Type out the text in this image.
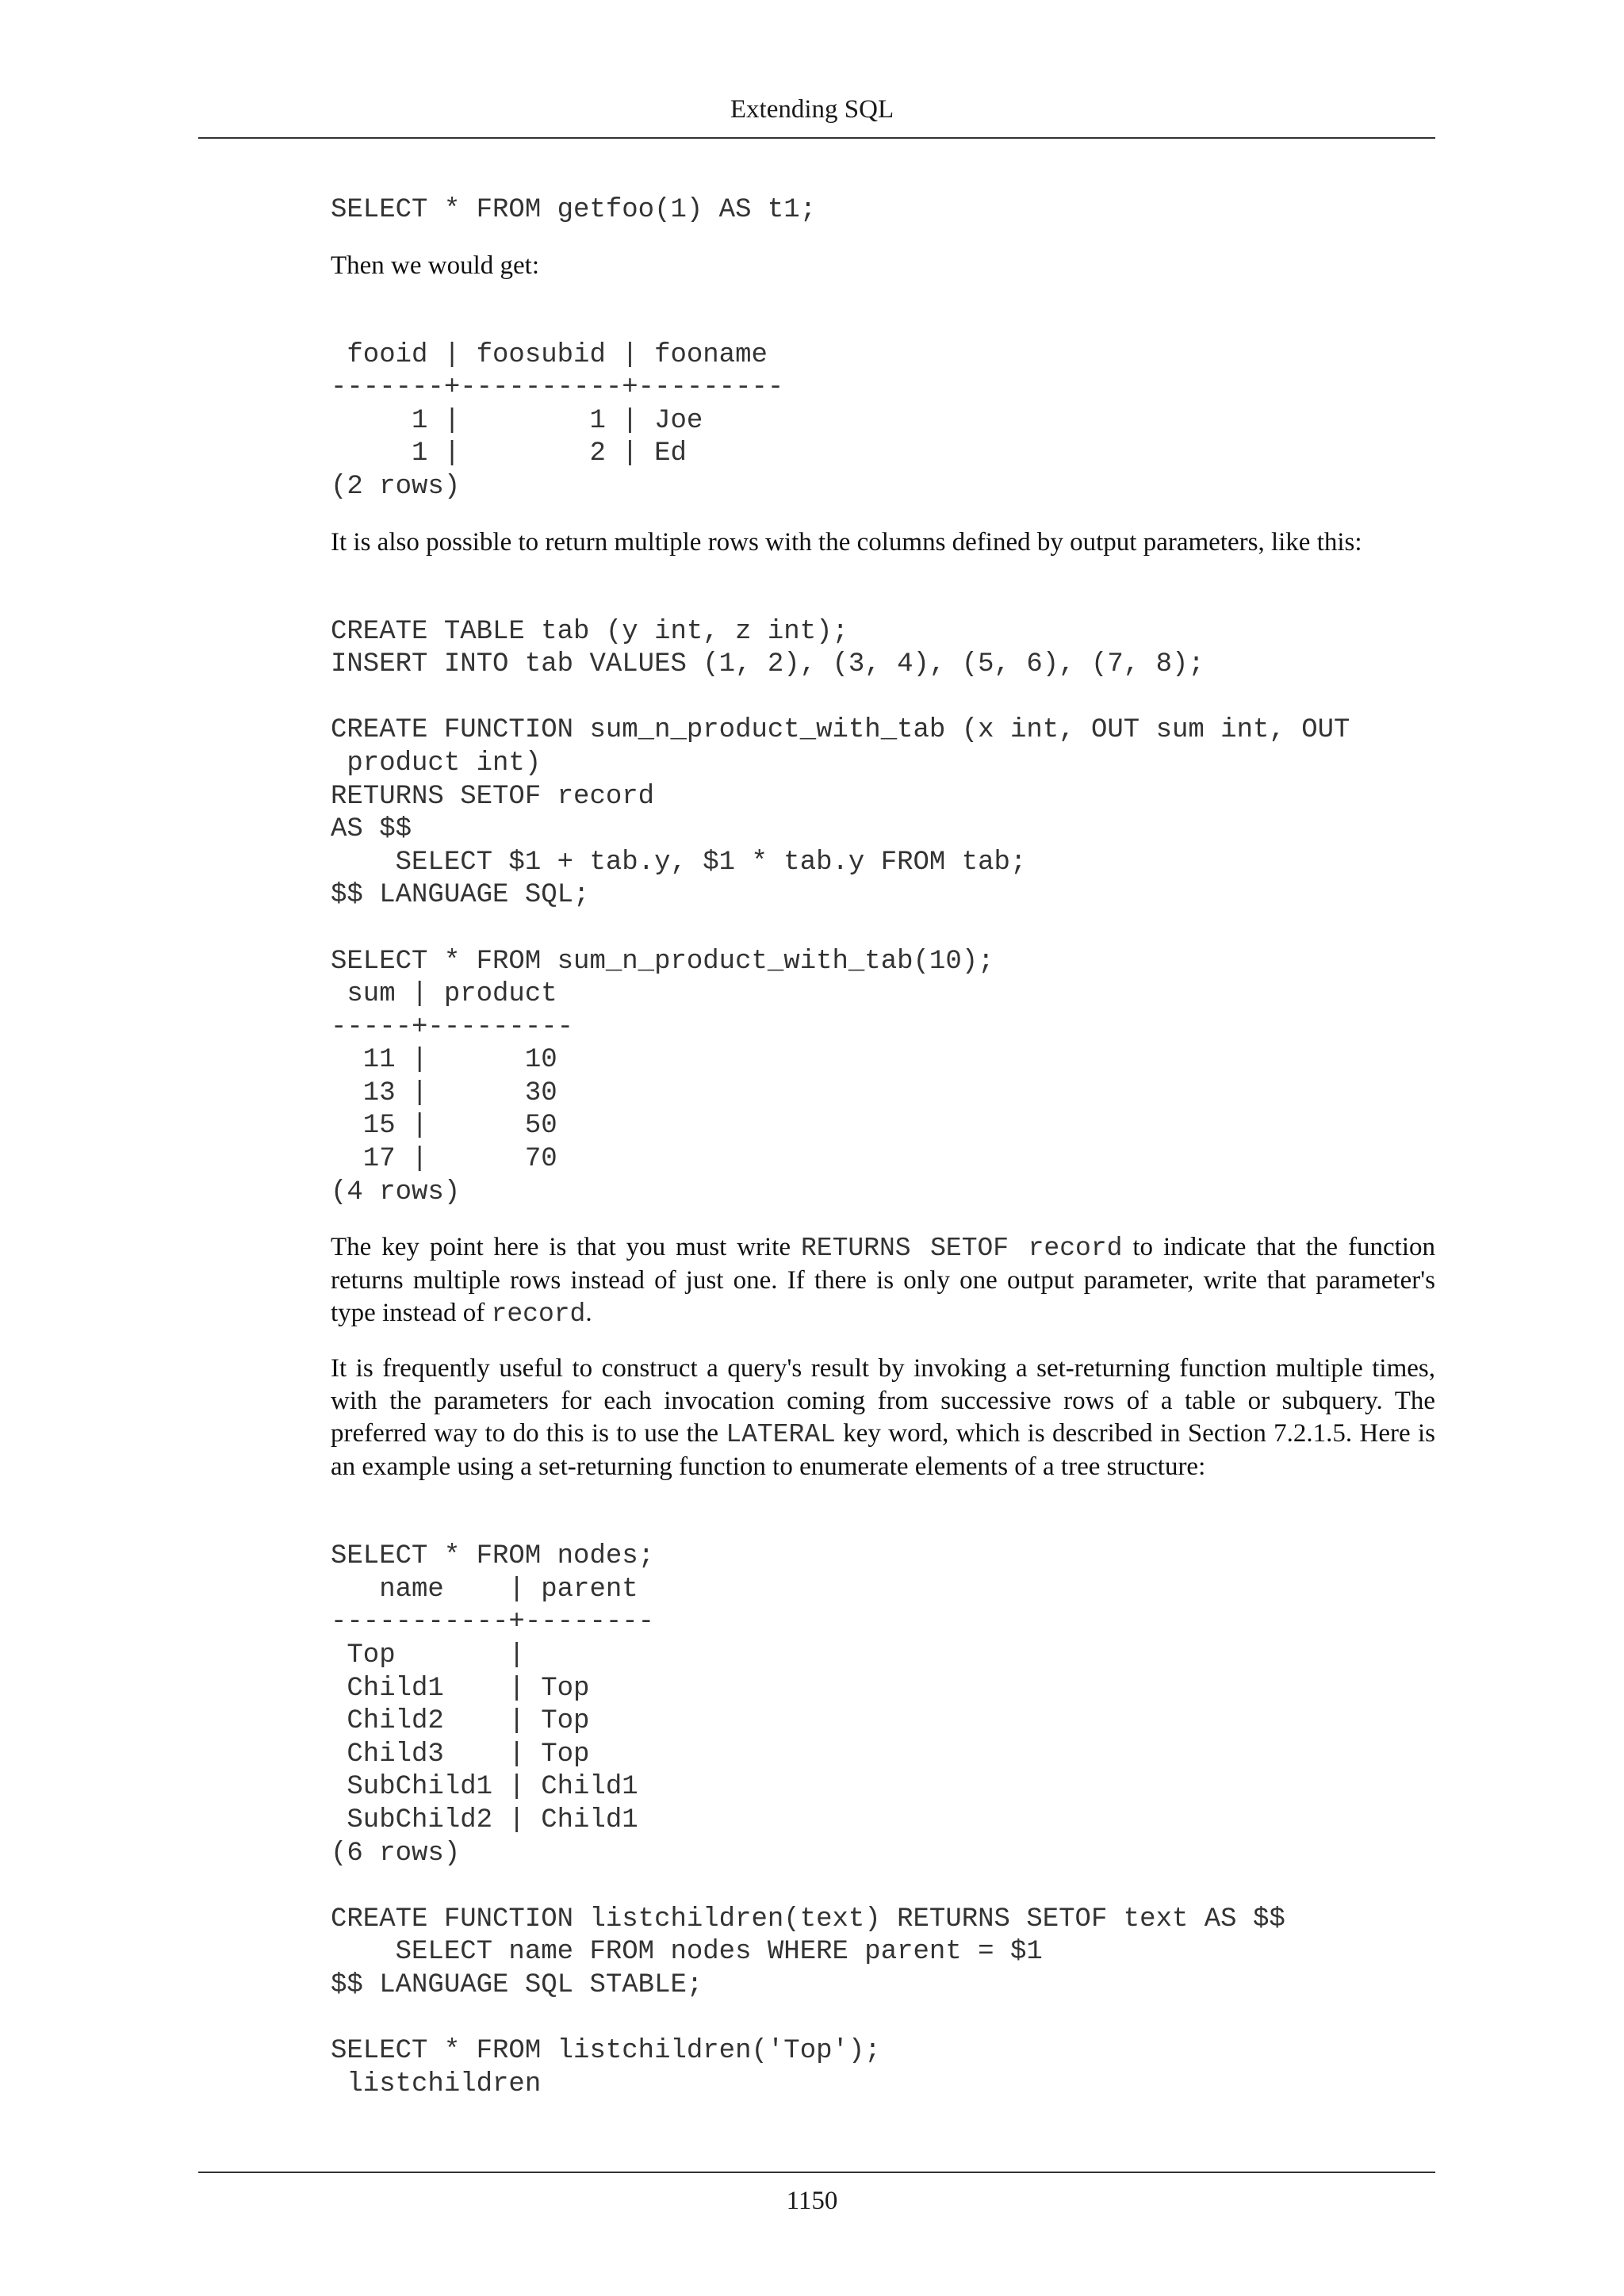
Extending SQL
SELECT * FROM getfoo(1) AS t1;

Then we would get:

fooid | foosubid | fooname
-------+----------+---------
1 |        1 | Joe
1 |        2 | Ed
(2 rows)

It is also possible to return multiple rows with the columns defined by output parameters, like this:

CREATE TABLE tab (y int, z int);
INSERT INTO tab VALUES (1, 2), (3, 4), (5, 6), (7, 8);

CREATE FUNCTION sum_n_product_with_tab (x int, OUT sum int, OUT
product int)
RETURNS SETOF record
AS $$
SELECT $1 + tab.y, $1 * tab.y FROM tab;
$$ LANGUAGE SQL;

SELECT * FROM sum_n_product_with_tab(10);
sum | product
-----+---------
11 |      10
13 |      30
15 |      50
17 |      70
(4 rows)

The key point here is that you must write RETURNS SETOF record to indicate that the function returns multiple rows instead of just one. If there is only one output parameter, write that parameter's type instead of record.

It is frequently useful to construct a query's result by invoking a set-returning function multiple times, with the parameters for each invocation coming from successive rows of a table or subquery. The preferred way to do this is to use the LATERAL key word, which is described in Section 7.2.1.5. Here is an example using a set-returning function to enumerate elements of a tree structure:

SELECT * FROM nodes;
name    | parent
-----------+--------
Top       |
Child1    | Top
Child2    | Top
Child3    | Top
SubChild1 | Child1
SubChild2 | Child1
(6 rows)

CREATE FUNCTION listchildren(text) RETURNS SETOF text AS $$
SELECT name FROM nodes WHERE parent = $1
$$ LANGUAGE SQL STABLE;

SELECT * FROM listchildren('Top');
listchildren
1150
